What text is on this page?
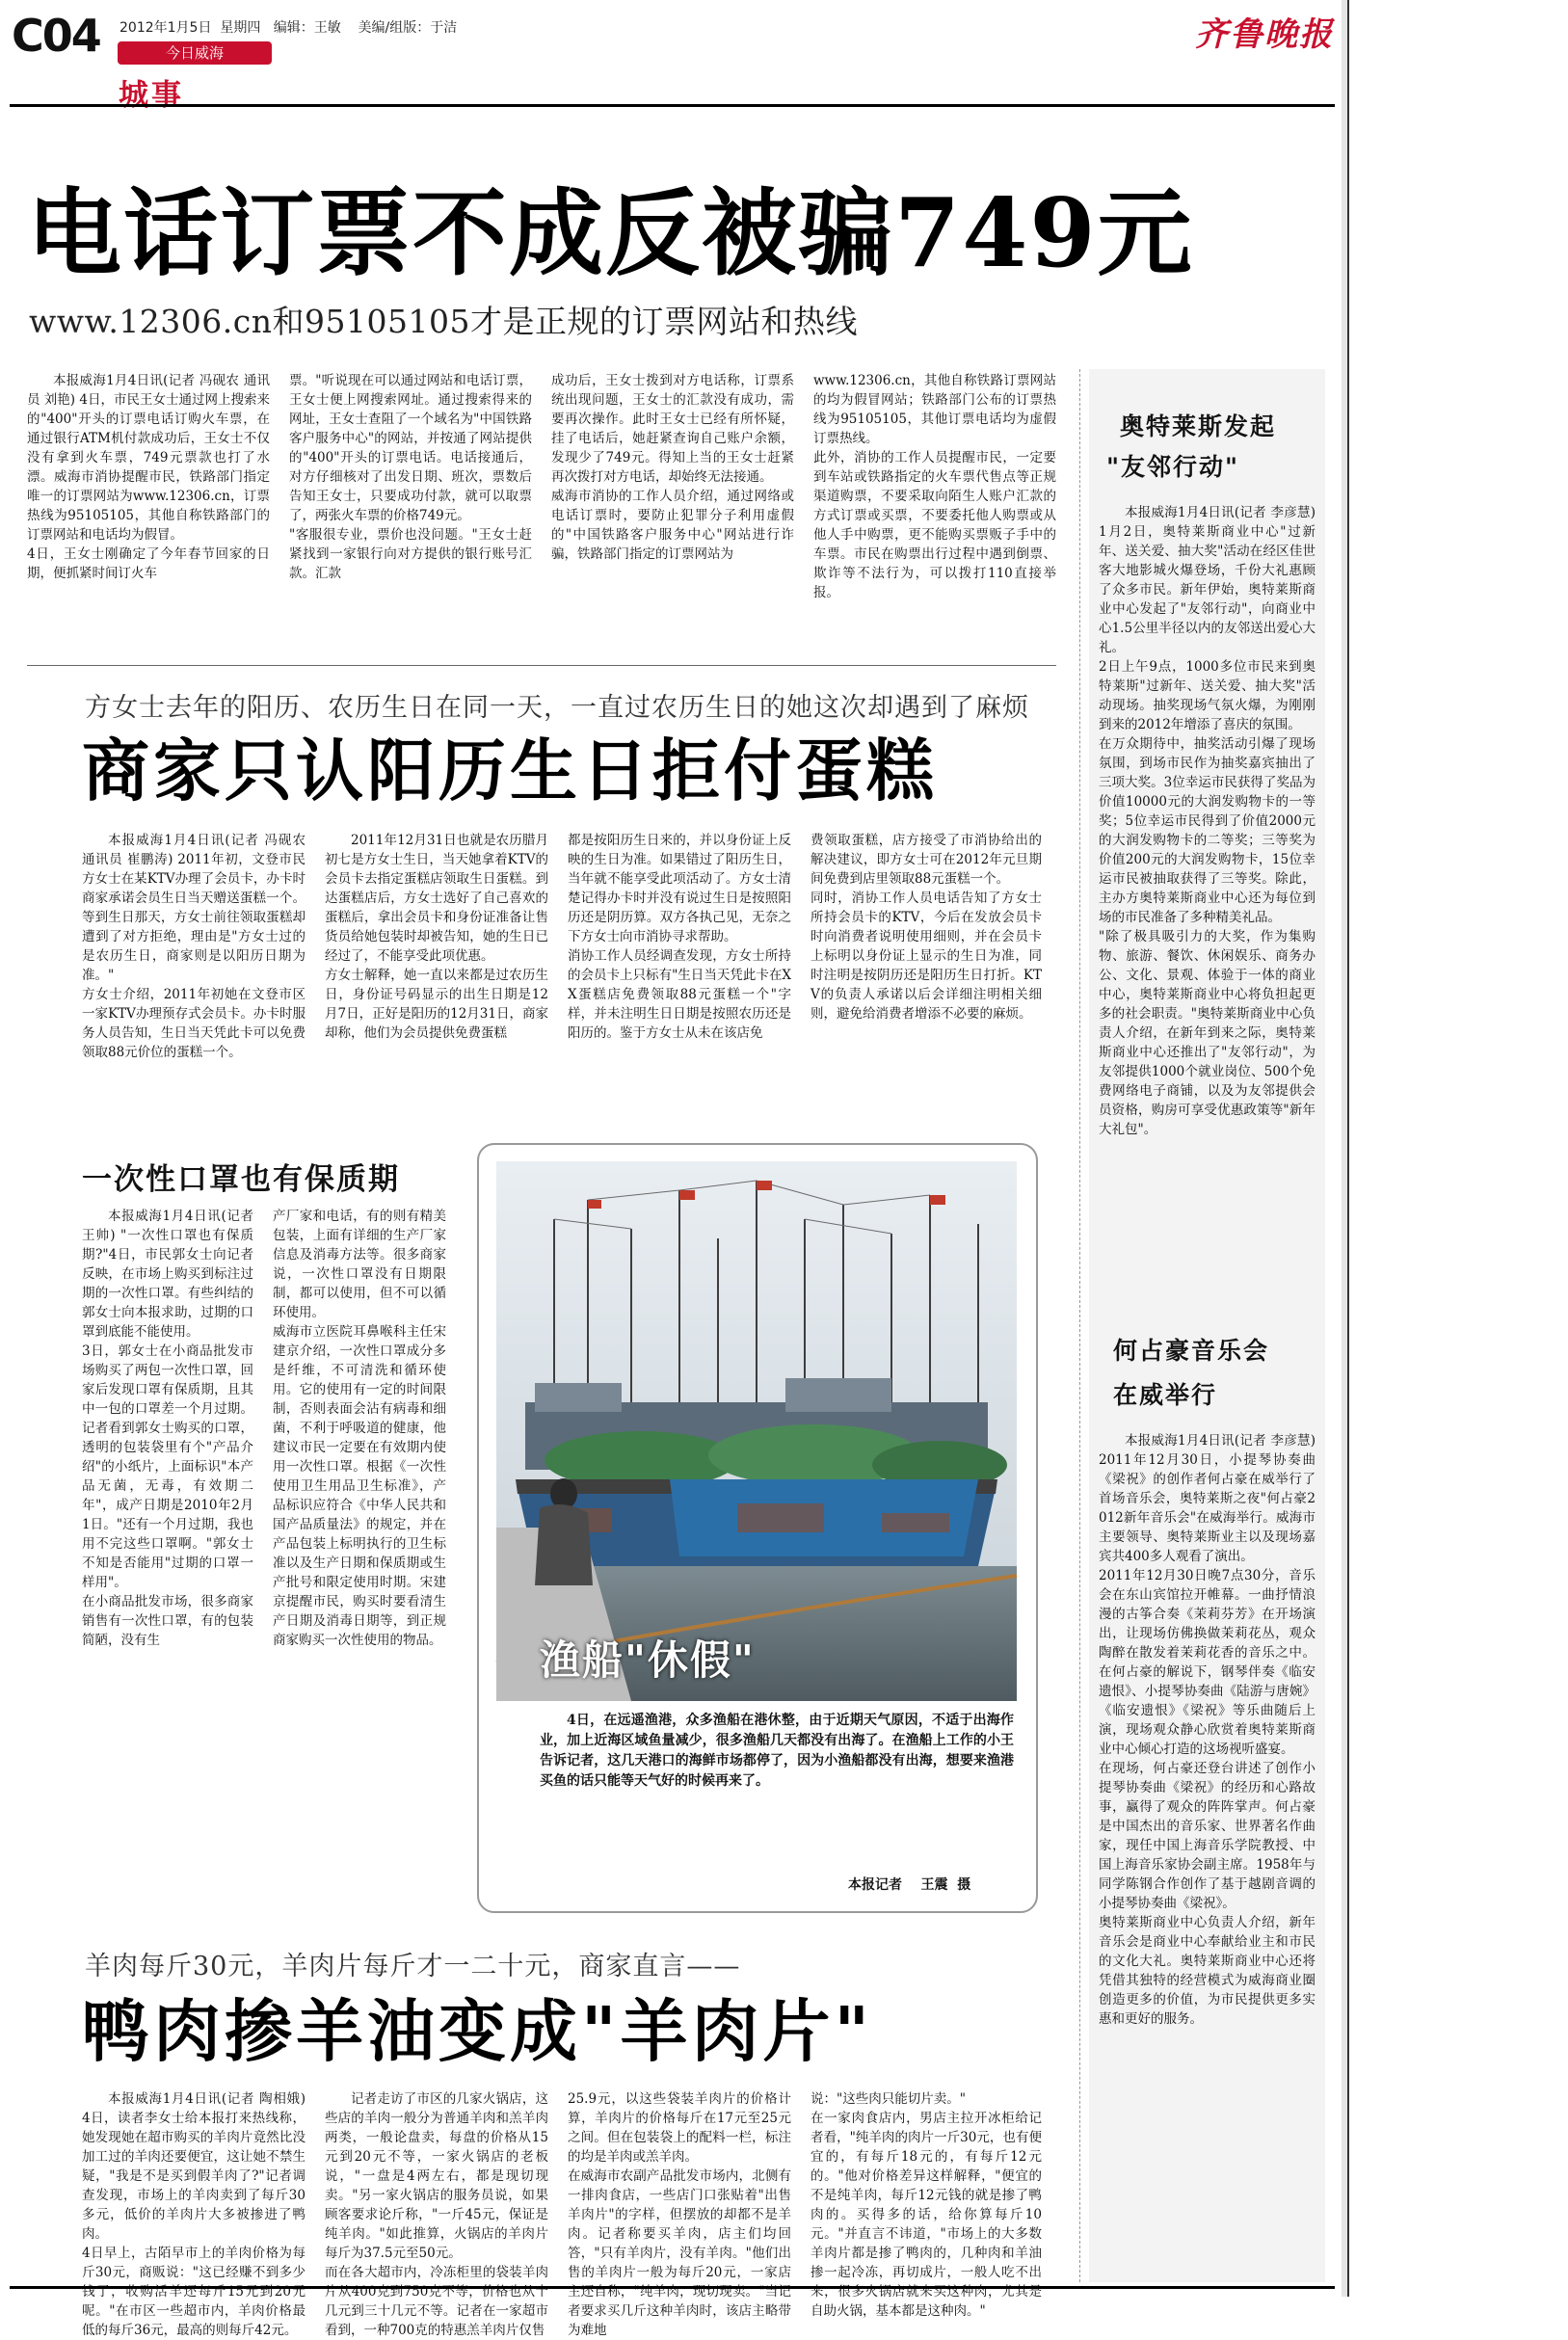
C04 2012年1月5日  星期四   编辑：王敏    美编/组版：于洁
今日威海
城事
齐鲁晚报
电话订票不成反被骗749元
www.12306.cn和95105105才是正规的订票网站和热线
本报威海1月4日讯(记者 冯砚农 通讯员 刘艳) 4日，市民王女士通过网上搜索来的"400"开头的订票电话订购火车票，在通过银行ATM机付款成功后，王女士不仅没有拿到火车票，749元票款也打了水漂。威海市消协提醒市民，铁路部门指定唯一的订票网站为www.12306.cn，订票热线为95105105，其他自称铁路部门的订票网站和电话均为假冒。
4日，王女士刚确定了今年春节回家的日期，便抓紧时间订火车
票。"听说现在可以通过网站和电话订票，王女士便上网搜索网址。通过搜索得来的网址，王女士查阻了一个域名为"中国铁路客户服务中心"的网站，并按通了网站提供的"400"开头的订票电话。电话接通后，对方仔细核对了出发日期、班次，票数后告知王女士，只要成功付款，就可以取票了，两张火车票的价格749元。
"客服很专业，票价也没问题。"王女士赶紧找到一家银行向对方提供的银行账号汇款。汇款
成功后，王女士拨到对方电话称，订票系统出现问题，王女士的汇款没有成功，需要再次操作。此时王女士已经有所怀疑，挂了电话后，她赶紧查询自己账户余额，发现少了749元。得知上当的王女士赶紧再次拨打对方电话，却始终无法接通。
威海市消协的工作人员介绍，通过网络或电话订票时，要防止犯罪分子利用虚假的"中国铁路客户服务中心"网站进行诈骗，铁路部门指定的订票网站为
www.12306.cn，其他自称铁路订票网站的均为假冒网站；铁路部门公布的订票热线为95105105，其他订票电话均为虚假订票热线。
此外，消协的工作人员提醒市民，一定要到车站或铁路指定的火车票代售点等正规渠道购票，不要采取向陌生人账户汇款的方式订票或买票，不要委托他人购票或从他人手中购票，更不能购买票贩子手中的车票。市民在购票出行过程中遇到倒票、欺诈等不法行为，可以拨打110直接举报。
奥特莱斯发起
"友邻行动"
本报威海1月4日讯(记者 李彦慧) 1月2日，奥特莱斯商业中心"过新年、送关爱、抽大奖"活动在经区佳世客大地影城火爆登场，千份大礼惠顾了众多市民。新年伊始，奥特莱斯商业中心发起了"友邻行动"，向商业中心1.5公里半径以内的友邻送出爱心大礼。
2日上午9点，1000多位市民来到奥特莱斯"过新年、送关爱、抽大奖"活动现场。抽奖现场气氛火爆，为刚刚到来的2012年增添了喜庆的氛围。
在万众期待中，抽奖活动引爆了现场氛围，到场市民作为抽奖嘉宾抽出了三项大奖。3位幸运市民获得了奖品为价值10000元的大润发购物卡的一等奖；5位幸运市民得到了价值2000元的大润发购物卡的二等奖；三等奖为价值200元的大润发购物卡，15位幸运市民被抽取获得了三等奖。除此，主办方奥特莱斯商业中心还为每位到场的市民准备了多种精美礼品。
"除了极具吸引力的大奖，作为集购物、旅游、餐饮、休闲娱乐、商务办公、文化、景观、体验于一体的商业中心，奥特莱斯商业中心将负担起更多的社会职责。"奥特莱斯商业中心负责人介绍，在新年到来之际，奥特莱斯商业中心还推出了"友邻行动"，为友邻提供1000个就业岗位、500个免费网络电子商铺，以及为友邻提供会员资格，购房可享受优惠政策等"新年大礼包"。
何占豪音乐会
在威举行
本报威海1月4日讯(记者 李彦慧) 2011年12月30日，小提琴协奏曲《梁祝》的创作者何占豪在威举行了首场音乐会，奥特莱斯之夜"何占豪2012新年音乐会"在威海举行。威海市主要领导、奥特莱斯业主以及现场嘉宾共400多人观看了演出。
2011年12月30日晚7点30分，音乐会在东山宾馆拉开帷幕。一曲抒情浪漫的古筝合奏《茉莉芬芳》在开场演出，让现场仿佛换做茉莉花丛，观众陶醉在散发着茉莉花香的音乐之中。在何占豪的解说下，钢琴伴奏《临安遗恨》、小提琴协奏曲《陆游与唐婉》《临安遗恨》《梁祝》等乐曲随后上演，现场观众静心欣赏着奥特莱斯商业中心倾心打造的这场视听盛宴。
在现场，何占豪还登台讲述了创作小提琴协奏曲《梁祝》的经历和心路故事，赢得了观众的阵阵掌声。何占豪是中国杰出的音乐家、世界著名作曲家，现任中国上海音乐学院教授、中国上海音乐家协会副主席。1958年与同学陈钢合作创作了基于越剧音调的小提琴协奏曲《梁祝》。
奥特莱斯商业中心负责人介绍，新年音乐会是商业中心奉献给业主和市民的文化大礼。奥特莱斯商业中心还将凭借其独特的经营模式为威海商业圈创造更多的价值，为市民提供更多实惠和更好的服务。
方女士去年的阳历、农历生日在同一天，一直过农历生日的她这次却遇到了麻烦
商家只认阳历生日拒付蛋糕
本报威海1月4日讯(记者 冯砚农 通讯员 崔鹏涛) 2011年初，文登市民方女士在某KTV办理了会员卡，办卡时商家承诺会员生日当天赠送蛋糕一个。等到生日那天，方女士前往领取蛋糕却遭到了对方拒绝，理由是"方女士过的是农历生日，商家则是以阳历日期为准。"
方女士介绍，2011年初她在文登市区一家KTV办理预存式会员卡。办卡时服务人员告知，生日当天凭此卡可以免费领取88元价位的蛋糕一个。
2011年12月31日也就是农历腊月初七是方女士生日，当天她拿着KTV的会员卡去指定蛋糕店领取生日蛋糕。到达蛋糕店后，方女士选好了自己喜欢的蛋糕后，拿出会员卡和身份证准备让售货员给她包装时却被告知，她的生日已经过了，不能享受此项优惠。
方女士解释，她一直以来都是过农历生日，身份证号码显示的出生日期是12月7日，正好是阳历的12月31日，商家却称，他们为会员提供免费蛋糕
都是按阳历生日来的，并以身份证上反映的生日为准。如果错过了阳历生日，当年就不能享受此项活动了。方女士清楚记得办卡时并没有说过生日是按照阳历还是阴历算。双方各执己见，无奈之下方女士向市消协寻求帮助。
消协工作人员经调查发现，方女士所持的会员卡上只标有"生日当天凭此卡在XX蛋糕店免费领取88元蛋糕一个"字样，并未注明生日日期是按照农历还是阳历的。鉴于方女士从未在该店免
费领取蛋糕，店方接受了市消协给出的解决建议，即方女士可在2012年元旦期间免费到店里领取88元蛋糕一个。
同时，消协工作人员电话告知了方女士所持会员卡的KTV，今后在发放会员卡时向消费者说明使用细则，并在会员卡上标明以身份证上显示的生日为准，同时注明是按阴历还是阳历生日打折。KTV的负责人承诺以后会详细注明相关细则，避免给消费者增添不必要的麻烦。
一次性口罩也有保质期
本报威海1月4日讯(记者 王帅) "一次性口罩也有保质期?"4日，市民郭女士向记者反映，在市场上购买到标注过期的一次性口罩。有些纠结的郭女士向本报求助，过期的口罩到底能不能使用。
3日，郭女士在小商品批发市场购买了两包一次性口罩，回家后发现口罩有保质期，且其中一包的口罩差一个月过期。记者看到郭女士购买的口罩，透明的包装袋里有个"产品介绍"的小纸片，上面标识"本产品无菌，无毒，有效期二年"，成产日期是2010年2月1日。"还有一个月过期，我也用不完这些口罩啊。"郭女士不知是否能用"过期的口罩一样用"。
在小商品批发市场，很多商家销售有一次性口罩，有的包装简陋，没有生
产厂家和电话，有的则有精美包装，上面有详细的生产厂家信息及消毒方法等。很多商家说，一次性口罩没有日期限制，都可以使用，但不可以循环使用。
威海市立医院耳鼻喉科主任宋建京介绍，一次性口罩成分多是纤维，不可清洗和循环使用。它的使用有一定的时间限制，否则表面会沾有病毒和细菌，不利于呼吸道的健康，他建议市民一定要在有效期内使用一次性口罩。根据《一次性使用卫生用品卫生标准》，产品标识应符合《中华人民共和国产品质量法》的规定，并在产品包装上标明执行的卫生标准以及生产日期和保质期或生产批号和限定使用时期。宋建京提醒市民，购买时要看清生产日期及消毒日期等，到正规商家购买一次性使用的物品。 渔船"休假"
4日，在远遥渔港，众多渔船在港休整，由于近期天气原因，不适于出海作业，加上近海区域鱼量减少，很多渔船几天都没有出海了。在渔船上工作的小王告诉记者，这几天港口的海鲜市场都停了，因为小渔船都没有出海，想要来渔港买鱼的话只能等天气好的时候再来了。
本报记者    王震  摄
羊肉每斤30元，羊肉片每斤才一二十元，商家直言——
鸭肉掺羊油变成"羊肉片"
本报威海1月4日讯(记者 陶相娥) 4日，读者李女士给本报打来热线称，她发现她在超市购买的羊肉片竟然比没加工过的羊肉还要便宜，这让她不禁生疑，"我是不是买到假羊肉了?"记者调查发现，市场上的羊肉卖到了每斤30多元，低价的羊肉片大多被掺进了鸭肉。
4日早上，古陌早市上的羊肉价格为每斤30元，商贩说："这已经赚不到多少钱了，收购活羊还每斤15元到20元呢。"在市区一些超市内，羊肉价格最低的每斤36元，最高的则每斤42元。
记者走访了市区的几家火锅店，这些店的羊肉一般分为普通羊肉和羔羊肉两类，一般论盘卖，每盘的价格从15元到20元不等，一家火锅店的老板说，"一盘是4两左右，都是现切现卖。"另一家火锅店的服务员说，如果顾客要求论斤称，"一斤45元，保证是纯羊肉。"如此推算，火锅店的羊肉片每斤为37.5元至50元。
而在各大超市内，冷冻柜里的袋装羊肉片从400克到750克不等，价格也从十几元到三十几元不等。记者在一家超市看到，一种700克的特惠羔羊肉片仅售
25.9元，以这些袋装羊肉片的价格计算，羊肉片的价格每斤在17元至25元之间。但在包装袋上的配料一栏，标注的均是羊肉或羔羊肉。
在威海市农副产品批发市场内，北侧有一排肉食店，一些店门口张贴着"出售羊肉片"的字样，但摆放的却都不是羊肉。记者称要买羊肉，店主们均回答，"只有羊肉片，没有羊肉。"他们出售的羊肉片一般为每斤20元，一家店主还自称，"纯羊肉，现切现卖。"当记者要求买几斤这种羊肉时，该店主略带为难地
说："这些肉只能切片卖。"
在一家肉食店内，男店主拉开冰柜给记者看，"纯羊肉的肉片一斤30元，也有便宜的，有每斤18元的，有每斤12元的。"他对价格差异这样解释，"便宜的不是纯羊肉，每斤12元钱的就是掺了鸭肉的。买得多的话，给你算每斤10元。"并直言不讳道，"市场上的大多数羊肉片都是掺了鸭肉的，几种肉和羊油掺一起冷冻，再切成片，一般人吃不出来，很多火锅店就来买这种肉，尤其是自助火锅，基本都是这种肉。"
